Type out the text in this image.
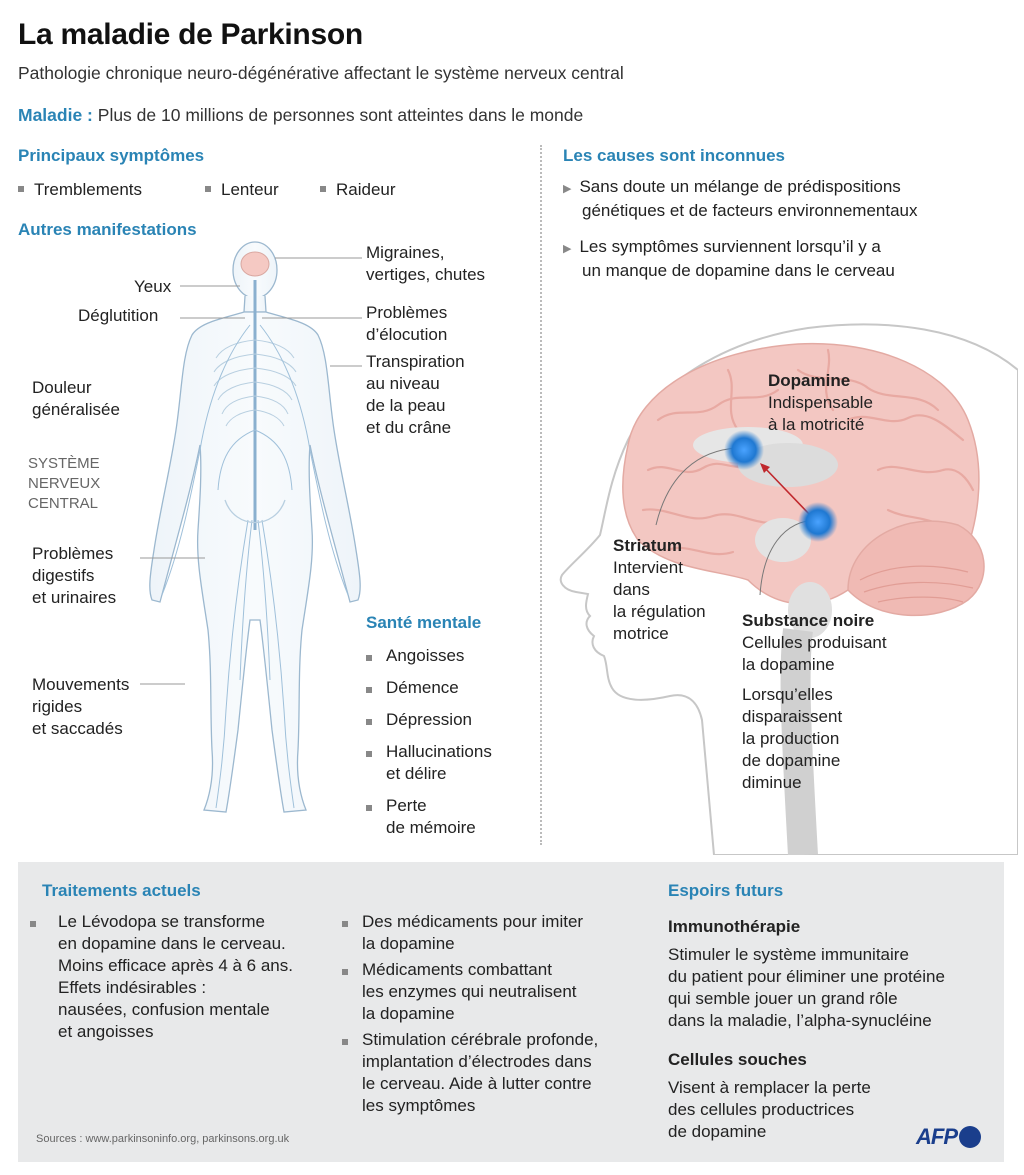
La maladie de Parkinson
Pathologie chronique neuro-dégénérative affectant le système nerveux central
Maladie : Plus de 10 millions de personnes sont atteintes dans le monde
Principaux symptômes
Tremblements	Lenteur	Raideur
Autres manifestations
Yeux
Déglutition
Douleur
généralisée
SYSTÈME
NERVEUX
CENTRAL
Problèmes
digestifs
et urinaires
Mouvements
rigides
et saccadés
Migraines,
vertiges, chutes
Problèmes
d’élocution
Transpiration
au niveau
de la peau
et du crâne
Santé mentale
Angoisses
Démence
Dépression
Hallucinations
et délire
Perte
de mémoire
Les causes sont inconnues
▶ Sans doute un mélange de prédispositions
génétiques et de facteurs environnementaux
▶ Les symptômes surviennent lorsqu’il y a
un manque de dopamine dans le cerveau
Dopamine
Indispensable
à la motricité
Striatum
Intervient
dans
la régulation
motrice
Substance noire
Cellules produisant
la dopamine
Lorsqu’elles
disparaissent
la production
de dopamine
diminue
Traitements actuels
Le Lévodopa se transforme
en dopamine dans le cerveau.
Moins efficace après 4 à 6 ans.
Effets indésirables :
nausées, confusion mentale
et angoisses
Des médicaments pour imiter
la dopamine
Médicaments combattant
les enzymes qui neutralisent
la dopamine
Stimulation cérébrale profonde,
implantation d’électrodes dans
le cerveau. Aide à lutter contre
les symptômes
Espoirs futurs
Immunothérapie
Stimuler le système immunitaire
du patient pour éliminer une protéine
qui semble jouer un grand rôle
dans la maladie, l’alpha-synucléine
Cellules souches
Visent à remplacer la perte
des cellules productrices
de dopamine
Sources : www.parkinsoninfo.org, parkinsons.org.uk	AFP
